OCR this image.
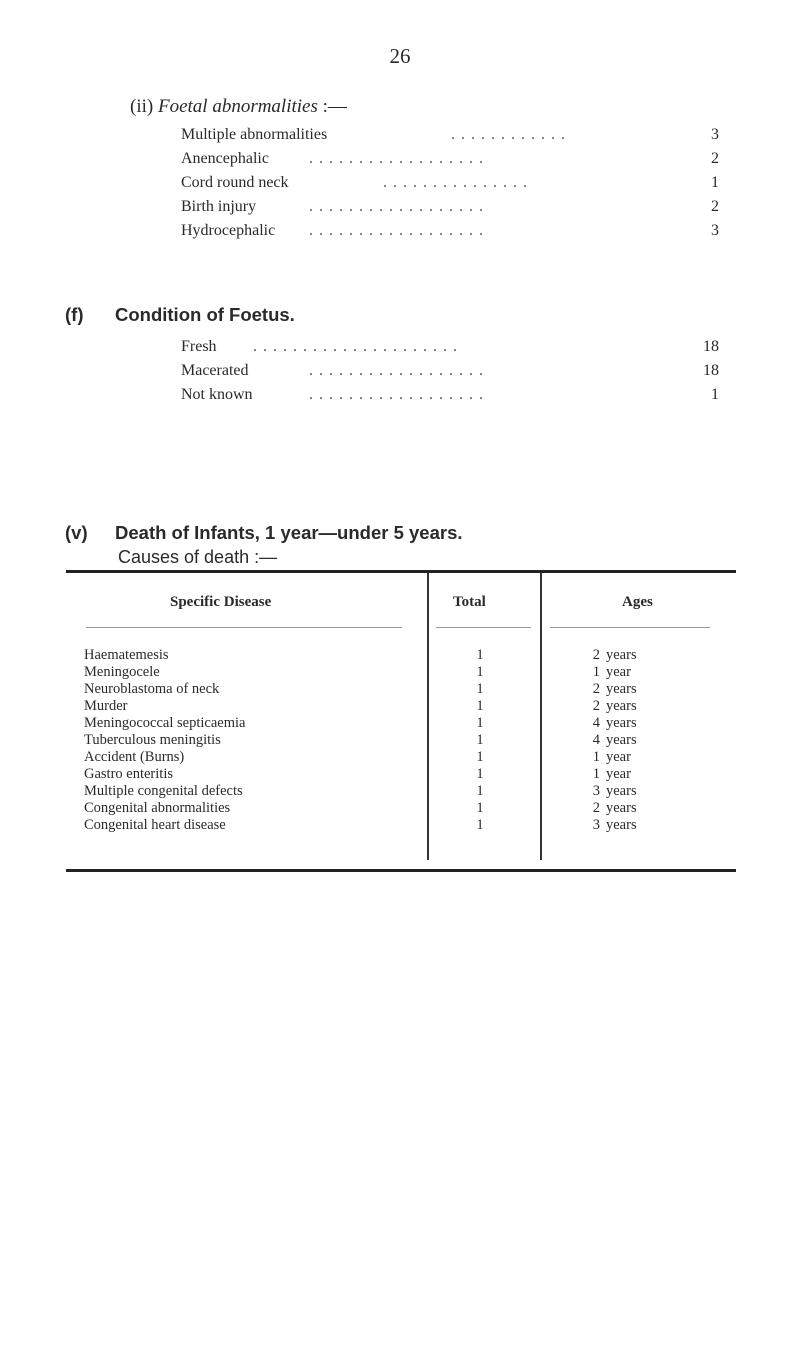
26
(ii) Foetal abnormalities :—
Multiple abnormalities	. . . . . . . . . . . .	3
Anencephalic	. . . . . . . . . . . . . . . . . .	2
Cord round neck	. . . . . . . . . . . . . . .	1
Birth injury	. . . . . . . . . . . . . . . . . .	2
Hydrocephalic . . . . . . . . . . . . . . . . . .	3
(f) Condition of Foetus.
Fresh . . . . . . . . . . . . . . . . . . . . .	18
Macerated	. . . . . . . . . . . . . . . . . .	18
Not known	. . . . . . . . . . . . . . . . . .	1
(v) Death of Infants, 1 year—under 5 years.
Causes of death :—
Specific Disease	Total	Ages
Haematemesis	1	2 years
Meningocele	1	1 year
Neuroblastoma of neck	1	2 years
Murder	1	2 years
Meningococcal septicaemia	1	4 years
Tuberculous meningitis	1	4 years
Accident (Burns)	1	1 year
Gastro enteritis	1	1 year
Multiple congenital defects	1	3 years
Congenital abnormalities	1	2 years
Congenital heart disease	1	3 years
